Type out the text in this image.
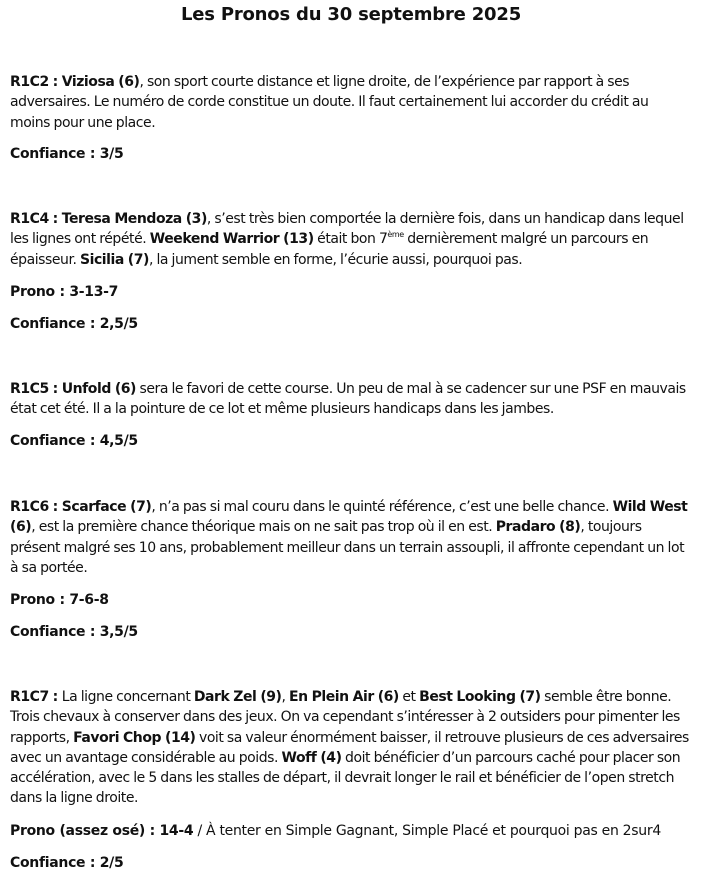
Les Pronos du 30 septembre 2025

R1C2 : Viziosa (6), son sport courte distance et ligne droite, de l’expérience par rapport à ses adversaires. Le numéro de corde constitue un doute. Il faut certainement lui accorder du crédit au moins pour une place.

Confiance : 3/5

R1C4 : Teresa Mendoza (3), s’est très bien comportée la dernière fois, dans un handicap dans lequel les lignes ont répété. Weekend Warrior (13) était bon 7ème dernièrement malgré un parcours en épaisseur. Sicilia (7), la jument semble en forme, l’écurie aussi, pourquoi pas.

Prono : 3-13-7

Confiance : 2,5/5

R1C5 : Unfold (6) sera le favori de cette course. Un peu de mal à se cadencer sur une PSF en mauvais état cet été. Il a la pointure de ce lot et même plusieurs handicaps dans les jambes.

Confiance : 4,5/5

R1C6 : Scarface (7), n’a pas si mal couru dans le quinté référence, c’est une belle chance. Wild West (6), est la première chance théorique mais on ne sait pas trop où il en est. Pradaro (8), toujours présent malgré ses 10 ans, probablement meilleur dans un terrain assoupli, il affronte cependant un lot à sa portée.

Prono : 7-6-8

Confiance : 3,5/5

R1C7 : La ligne concernant Dark Zel (9), En Plein Air (6) et Best Looking (7) semble être bonne. Trois chevaux à conserver dans des jeux. On va cependant s’intéresser à 2 outsiders pour pimenter les rapports, Favori Chop (14) voit sa valeur énormément baisser, il retrouve plusieurs de ces adversaires avec un avantage considérable au poids. Woff (4) doit bénéficier d’un parcours caché pour placer son accélération, avec le 5 dans les stalles de départ, il devrait longer le rail et bénéficier de l’open stretch dans la ligne droite.

Prono (assez osé) : 14-4 / À tenter en Simple Gagnant, Simple Placé et pourquoi pas en 2sur4

Confiance : 2/5
